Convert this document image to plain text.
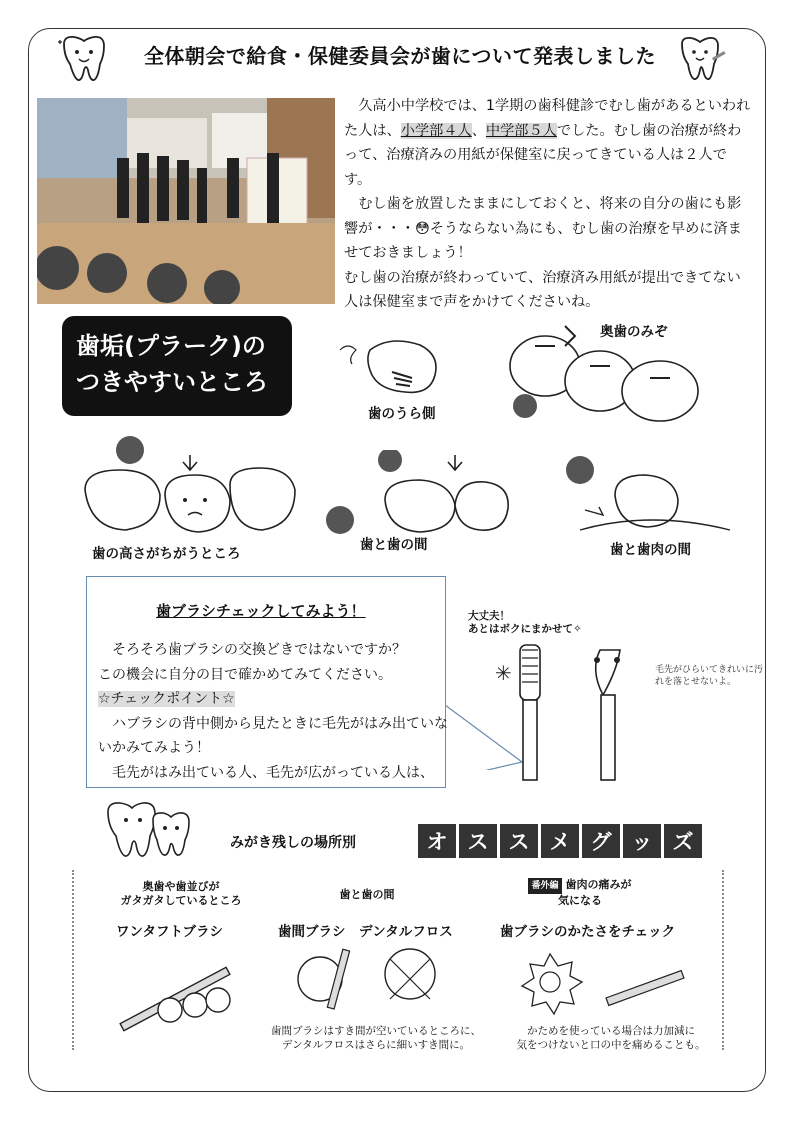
全体朝会で給食・保健委員会が歯について発表しました

久高小中学校では、1学期の歯科健診でむし歯があるといわれた人は、小学部４人、中学部５人でした。むし歯の治療が終わって、治療済みの用紙が保健室に戻ってきている人は２人です。

むし歯を放置したままにしておくと、将来の自分の歯にも影響が・・・😳そうならない為にも、むし歯の治療を早めに済ませておきましょう！

むし歯の治療が終わっていて、治療済み用紙が提出できてない人は保健室まで声をかけてくださいね。

歯垢(プラーク)の
つきやすいところ
歯のうら側
奥歯のみぞ
歯の高さがちがうところ
歯と歯の間	歯と歯肉の間
歯ブラシチェックしてみよう！
そろそろ歯ブラシの交換どきではないですか？
この機会に自分の目で確かめてみてください。
☆チェックポイント☆
ハブラシの背中側から見たときに毛先がはみ出ていないかみてみよう！
毛先がはみ出ている人、毛先が広がっている人は、
大丈夫！
あとはボクにまかせて✧
✳	毛先がひらいてきれいに汚れを落とせないよ。
みがき残しの場所別	オ ス ス メ グ ッ ズ
奥歯や歯並びが
ガタガタしているところ
ワンタフトブラシ
歯と歯の間
歯間ブラシ　デンタルフロス
歯間ブラシはすき間が空いているところに、
デンタルフロスはさらに細いすき間に。
番外編 歯肉の痛みが
気になる
歯ブラシのかたさをチェック
かためを使っている場合は力加減に
気をつけないと口の中を痛めることも。
